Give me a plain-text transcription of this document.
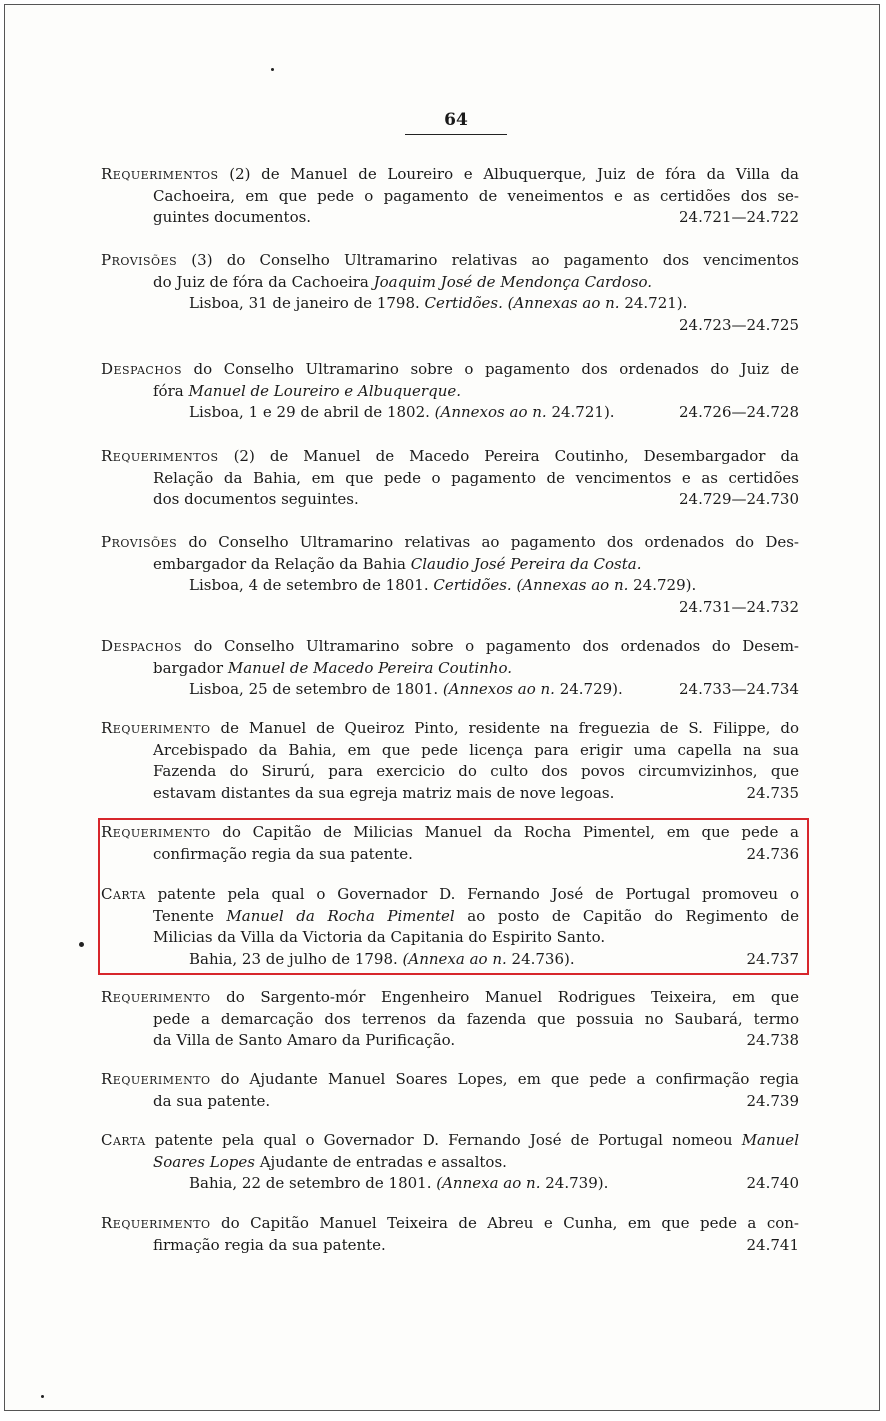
64
Requerimentos (2) de Manuel de Loureiro e Albuquerque, Juiz de fóra da Villa da
Cachoeira, em que pede o pagamento de veneimentos e as certidões dos se-
guintes documentos.	24.721—24.722
Provisões (3) do Conselho Ultramarino relativas ao pagamento dos vencimentos
do Juiz de fóra da Cachoeira Joaquim José de Mendonça Cardoso.
Lisboa, 31 de janeiro de 1798. Certidões. (Annexas ao n. 24.721).
24.723—24.725
Despachos do Conselho Ultramarino sobre o pagamento dos ordenados do Juiz de
fóra Manuel de Loureiro e Albuquerque.
Lisboa, 1 e 29 de abril de 1802. (Annexos ao n. 24.721).	24.726—24.728
Requerimentos (2) de Manuel de Macedo Pereira Coutinho, Desembargador da
Relação da Bahia, em que pede o pagamento de vencimentos e as certidões
dos documentos seguintes.	24.729—24.730
Provisões do Conselho Ultramarino relativas ao pagamento dos ordenados do Des-
embargador da Relação da Bahia Claudio José Pereira da Costa.
Lisboa, 4 de setembro de 1801. Certidões. (Annexas ao n. 24.729).
24.731—24.732
Despachos do Conselho Ultramarino sobre o pagamento dos ordenados do Desem-
bargador Manuel de Macedo Pereira Coutinho.
Lisboa, 25 de setembro de 1801. (Annexos ao n. 24.729).	24.733—24.734
Requerimento de Manuel de Queiroz Pinto, residente na freguezia de S. Filippe, do
Arcebispado da Bahia, em que pede licença para erigir uma capella na sua
Fazenda do Sirurú, para exercicio do culto dos povos circumvizinhos, que
estavam distantes da sua egreja matriz mais de nove legoas.	24.735
Requerimento do Capitão de Milicias Manuel da Rocha Pimentel, em que pede a
confirmação regia da sua patente.	24.736
Carta patente pela qual o Governador D. Fernando José de Portugal promoveu o
Tenente Manuel da Rocha Pimentel ao posto de Capitão do Regimento de
Milicias da Villa da Victoria da Capitania do Espirito Santo.
Bahia, 23 de julho de 1798. (Annexa ao n. 24.736).	24.737
Requerimento do Sargento-mór Engenheiro Manuel Rodrigues Teixeira, em que
pede a demarcação dos terrenos da fazenda que possuia no Saubará, termo
da Villa de Santo Amaro da Purificação.	24.738
Requerimento do Ajudante Manuel Soares Lopes, em que pede a confirmação regia
da sua patente.	24.739
Carta patente pela qual o Governador D. Fernando José de Portugal nomeou Manuel
Soares Lopes Ajudante de entradas e assaltos.
Bahia, 22 de setembro de 1801. (Annexa ao n. 24.739).	24.740
Requerimento do Capitão Manuel Teixeira de Abreu e Cunha, em que pede a con-
firmação regia da sua patente.	24.741
